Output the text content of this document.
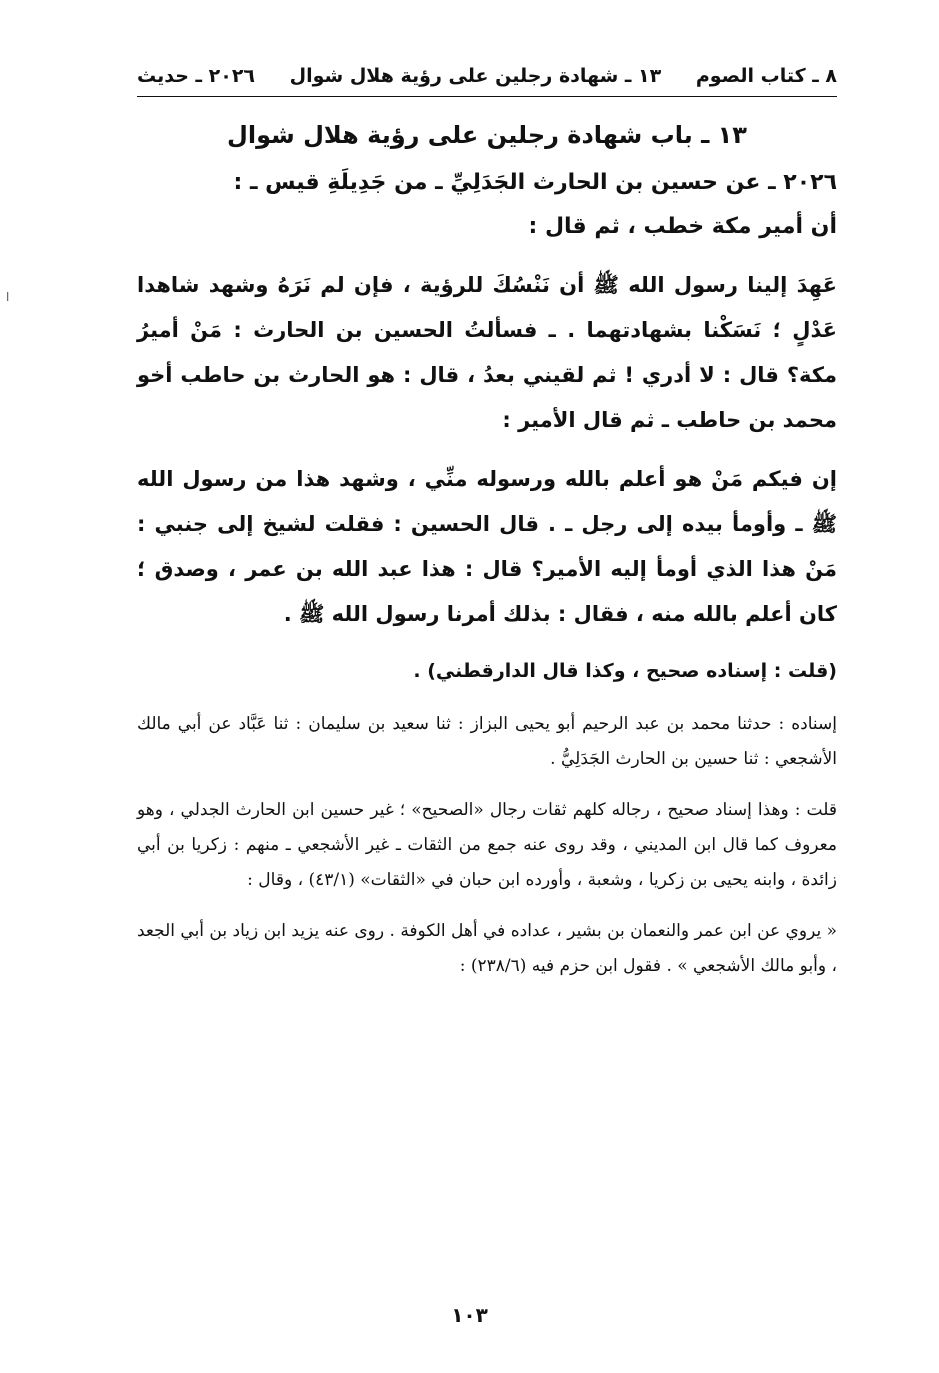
ا
٨ ـ كتاب الصوم
١٣ ـ شهادة رجلين على رؤية هلال شوال
٢٠٢٦ ـ حديث
١٣ ـ باب شهادة رجلين على رؤية هلال شوال

٢٠٢٦ ـ عن حسين بن الحارث الجَدَلِيِّ ـ من جَدِيلَةِ قيس ـ :

أن أمير مكة خطب ، ثم قال :

عَهِدَ إلينا رسول الله ﷺ أن نَنْسُكَ للرؤية ، فإن لم نَرَهُ وشهد شاهدا عَدْلٍ ؛ نَسَكْنا بشهادتهما . ـ فسألتُ الحسين بن الحارث : مَنْ أميرُ مكة؟ قال : لا أدري ! ثم لقيني بعدُ ، قال : هو الحارث بن حاطب أخو محمد بن حاطب ـ ثم قال الأمير :

إن فيكم مَنْ هو أعلم بالله ورسوله منِّي ، وشهد هذا من رسول الله ﷺ ـ وأومأ بيده إلى رجل ـ . قال الحسين : فقلت لشيخ إلى جنبي : مَنْ هذا الذي أومأ إليه الأمير؟ قال : هذا عبد الله بن عمر ، وصدق ؛ كان أعلم بالله منه ، فقال : بذلك أمرنا رسول الله ﷺ .

(قلت : إسناده صحيح ، وكذا قال الدارقطني) .

إسناده : حدثنا محمد بن عبد الرحيم أبو يحيى البزاز : ثنا سعيد بن سليمان : ثنا عَبَّاد عن أبي مالك الأشجعي : ثنا حسين بن الحارث الجَدَلِيُّ .

قلت : وهذا إسناد صحيح ، رجاله كلهم ثقات رجال «الصحيح» ؛ غير حسين ابن الحارث الجدلي ، وهو معروف كما قال ابن المديني ، وقد روى عنه جمع من الثقات ـ غير الأشجعي ـ منهم : زكريا بن أبي زائدة ، وابنه يحيى بن زكريا ، وشعبة ، وأورده ابن حبان في «الثقات» (٤٣/١) ، وقال :

« يروي عن ابن عمر والنعمان بن بشير ، عداده في أهل الكوفة . روى عنه يزيد ابن زياد بن أبي الجعد ، وأبو مالك الأشجعي » . فقول ابن حزم فيه (٢٣٨/٦) :

١٠٣
